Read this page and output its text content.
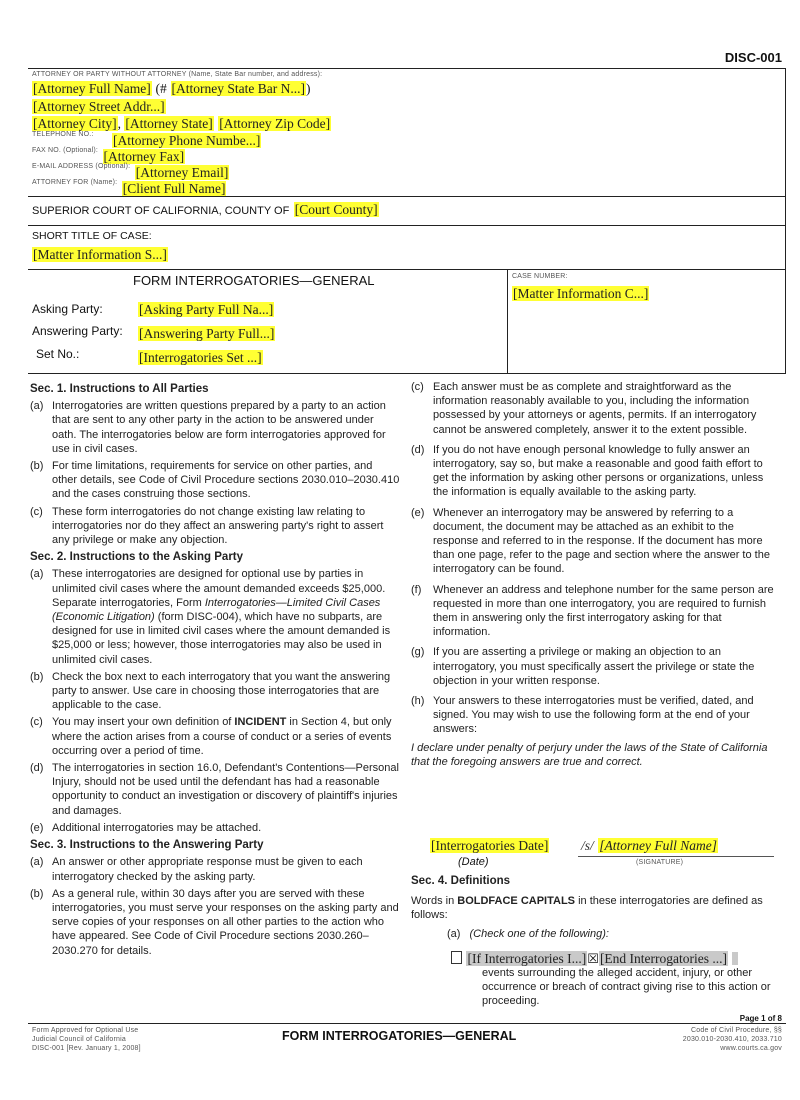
DISC-001
ATTORNEY OR PARTY WITHOUT ATTORNEY (Name, State Bar number, and address):
[Attorney Full Name] (# [Attorney State Bar N...])
[Attorney Street Addr...]
[Attorney City], [Attorney State] [Attorney Zip Code]
$^{TELEPHONE NO.:}$ [Attorney Phone Numbe...]
$^{FAX NO. (Optional):}$ [Attorney Fax]
$^{E-MAIL ADDRESS (Optional):}$ [Attorney Email]
$^{ATTORNEY FOR (Name):}$ [Client Full Name]
SUPERIOR COURT OF CALIFORNIA, COUNTY OF [Court County]
SHORT TITLE OF CASE:
[Matter Information S...]
FORM INTERROGATORIES—GENERAL	CASE NUMBER:
[Matter Information C...]
Asking Party:	[Asking Party Full Na...]
Answering Party: [Answering Party Full...]
Set No.:	[Interrogatories Set ...]
Sec. 1. Instructions to All Parties
(a) Interrogatories are written questions prepared by a party to an action that are sent to any other party in the action to be answered under oath. The interrogatories below are form interrogatories approved for use in civil cases.
(b) For time limitations, requirements for service on other parties, and other details, see Code of Civil Procedure sections 2030.010–2030.410 and the cases construing those sections.
(c) These form interrogatories do not change existing law relating to interrogatories nor do they affect an answering party's right to assert any privilege or make any objection.
Sec. 2. Instructions to the Asking Party
(a) These interrogatories are designed for optional use by parties in unlimited civil cases where the amount demanded exceeds $25,000. Separate interrogatories, Form Interrogatories—Limited Civil Cases (Economic Litigation) (form DISC-004), which have no subparts, are designed for use in limited civil cases where the amount demanded is $25,000 or less; however, those interrogatories may also be used in unlimited civil cases.
(b) Check the box next to each interrogatory that you want the answering party to answer. Use care in choosing those interrogatories that are applicable to the case.
(c) You may insert your own definition of INCIDENT in Section 4, but only where the action arises from a course of conduct or a series of events occurring over a period of time.
(d) The interrogatories in section 16.0, Defendant's Contentions—Personal Injury, should not be used until the defendant has had a reasonable opportunity to conduct an investigation or discovery of plaintiff's injuries and damages.
(e) Additional interrogatories may be attached.
Sec. 3. Instructions to the Answering Party
(a) An answer or other appropriate response must be given to each interrogatory checked by the asking party.
(b) As a general rule, within 30 days after you are served with these interrogatories, you must serve your responses on the asking party and serve copies of your responses on all other parties to the action who have appeared. See Code of Civil Procedure sections 2030.260–2030.270 for details.
(c) Each answer must be as complete and straightforward as the information reasonably available to you, including the information possessed by your attorneys or agents, permits. If an interrogatory cannot be answered completely, answer it to the extent possible.
(d) If you do not have enough personal knowledge to fully answer an interrogatory, say so, but make a reasonable and good faith effort to get the information by asking other persons or organizations, unless the information is equally available to the asking party.
(e) Whenever an interrogatory may be answered by referring to a document, the document may be attached as an exhibit to the response and referred to in the response. If the document has more than one page, refer to the page and section where the answer to the interrogatory can be found.
(f) Whenever an address and telephone number for the same person are requested in more than one interrogatory, you are required to furnish them in answering only the first interrogatory asking for that information.
(g) If you are asserting a privilege or making an objection to an interrogatory, you must specifically assert the privilege or state the objection in your written response.
(h) Your answers to these interrogatories must be verified, dated, and signed. You may wish to use the following form at the end of your answers:
I declare under penalty of perjury under the laws of the State of California that the foregoing answers are true and correct.
[Interrogatories Date] /s/ [Attorney Full Name]
(Date)	(SIGNATURE)
Sec. 4. Definitions
Words in BOLDFACE CAPITALS in these interrogatories are defined as follows:
(a) (Check one of the following):
[If Interrogatories I...]☒[End Interrogatories ...]
events surrounding the alleged accident, injury, or other occurrence or breach of contract giving rise to this action or proceeding.
Page 1 of 8
Form Approved for Optional Use
Judicial Council of California
DISC-001 [Rev. January 1, 2008]
FORM INTERROGATORIES—GENERAL	Code of Civil Procedure, §§
2030.010-2030.410, 2033.710
www.courts.ca.gov
